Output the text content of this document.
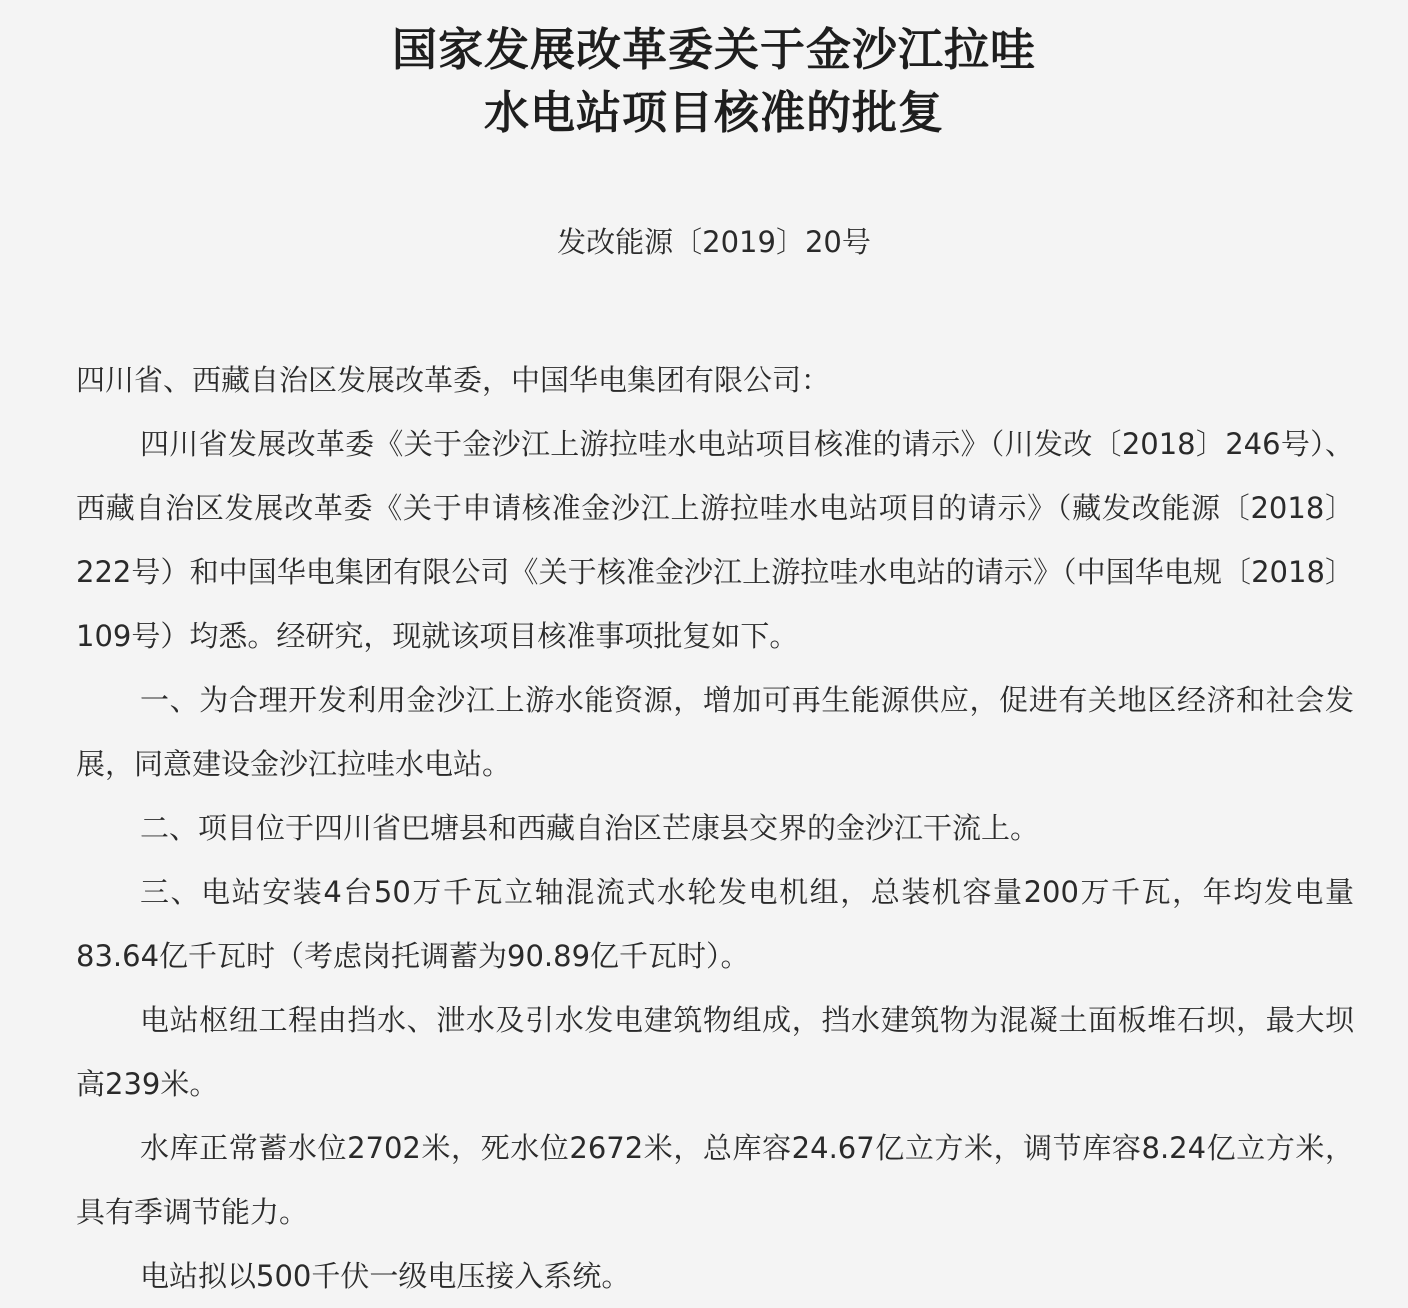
国家发展改革委关于金沙江拉哇
水电站项目核准的批复
发改能源〔2019〕20号

四川省、西藏自治区发展改革委，中国华电集团有限公司：

四川省发展改革委《关于金沙江上游拉哇水电站项目核准的请示》（川发改〔2018〕246号）、西藏自治区发展改革委《关于申请核准金沙江上游拉哇水电站项目的请示》（藏发改能源〔2018〕222号）和中国华电集团有限公司《关于核准金沙江上游拉哇水电站的请示》（中国华电规〔2018〕109号）均悉。经研究，现就该项目核准事项批复如下。

一、为合理开发利用金沙江上游水能资源，增加可再生能源供应，促进有关地区经济和社会发展，同意建设金沙江拉哇水电站。

二、项目位于四川省巴塘县和西藏自治区芒康县交界的金沙江干流上。

三、电站安装4台50万千瓦立轴混流式水轮发电机组，总装机容量200万千瓦，年均发电量83.64亿千瓦时（考虑岗托调蓄为90.89亿千瓦时）。

电站枢纽工程由挡水、泄水及引水发电建筑物组成，挡水建筑物为混凝土面板堆石坝，最大坝高239米。

水库正常蓄水位2702米，死水位2672米，总库容24.67亿立方米，调节库容8.24亿立方米，具有季调节能力。

电站拟以500千伏一级电压接入系统。
